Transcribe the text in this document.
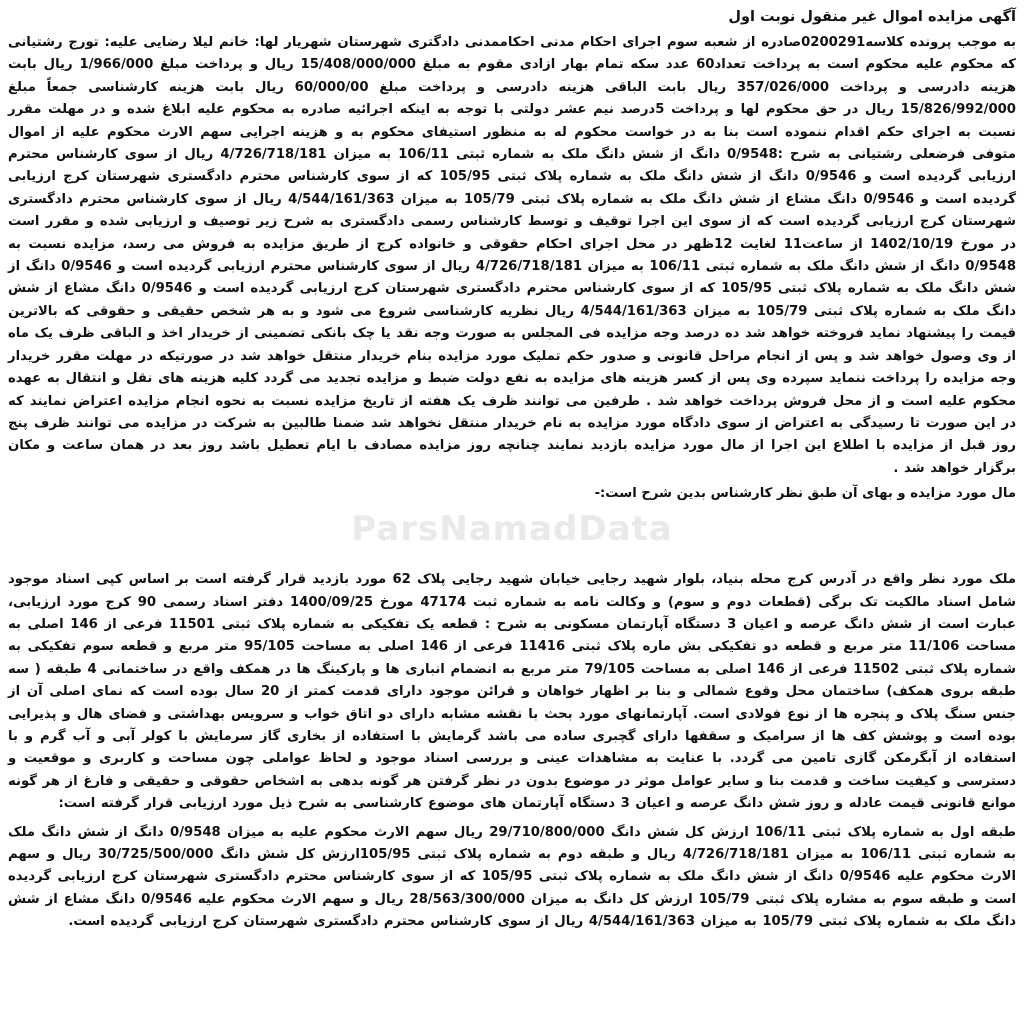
آگهی مزایده اموال غیر منقول نوبت اول

به موجب پرونده کلاسه0200291صادره از شعبه سوم اجرای احکام مدنی احکاممدنی دادگتری شهرستان شهریار لها: خانم لیلا رضایی علیه: تورج رشتیانی که محکوم علیه محکوم است به پرداخت تعداد60 عدد سکه تمام بهار ازادی مقوم به مبلغ 15/408/000/000 ریال و پرداخت مبلغ 1/966/000 ریال بابت هزینه دادرسی و پرداخت 357/026/000 ریال بابت الباقی هزینه دادرسی و پرداخت مبلغ 60/000/00 ریال بابت هزینه کارشناسی جمعاً مبلغ 15/826/992/000 ریال در حق محکوم لها و پرداخت 5درصد نیم عشر دولتی با توجه به اینکه اجرائیه صادره به محکوم علیه ابلاغ شده و در مهلت مقرر نسبت به اجرای حکم اقدام ننموده است بنا به در خواست محکوم له به منظور استیفای محکوم به و هزینه اجرایی سهم الارث محکوم علیه از اموال متوفی فرضعلی رشتیانی به شرح :0/9548 دانگ از شش دانگ ملک به شماره ثبتی 106/11 به میزان 4/726/718/181 ریال از سوی کارشناس محترم ارزیابی گردیده است و 0/9546 دانگ از شش دانگ ملک به شماره پلاک ثبتی 105/95 که از سوی کارشناس محترم دادگستری شهرستان کرج ارزیابی گردیده است و 0/9546 دانگ مشاع از شش دانگ ملک به شماره پلاک ثبتی 105/79 به میزان 4/544/161/363 ریال از سوی کارشناس محترم دادگستری شهرستان کرج ارزیابی گردیده است که از سوی این اجرا توقیف و توسط کارشناس رسمی دادگستری به شرح زیر توصیف و ارزیابی شده و مقرر است در مورخ 1402/10/19 از ساعت11 لغایت 12ظهر در محل اجرای احکام حقوقی و خانواده کرج از طریق مزایده به فروش می رسد، مزایده نسبت به 0/9548 دانگ از شش دانگ ملک به شماره ثبتی 106/11 به میزان 4/726/718/181 ریال از سوی کارشناس محترم ارزیابی گردیده است و 0/9546 دانگ از شش دانگ ملک به شماره پلاک ثبتی 105/95 که از سوی کارشناس محترم دادگستری شهرستان کرج ارزیابی گردیده است و 0/9546 دانگ مشاع از شش دانگ ملک به شماره پلاک ثبتی 105/79 به میزان 4/544/161/363 ریال نظریه کارشناسی شروع می شود و به هر شخص حقیقی و حقوقی که بالاترین قیمت را پیشنهاد نماید فروخته خواهد شد ده درصد وجه مزایده فی المجلس به صورت وجه نقد یا چک بانکی تضمینی از خریدار اخذ و الباقی ظرف یک ماه از وی وصول خواهد شد و پس از انجام مراحل قانونی و صدور حکم تملیک مورد مزایده بنام خریدار منتقل خواهد شد در صورتیکه در مهلت مقرر خریدار وجه مزایده را پرداخت ننماید سپرده وی پس از کسر هزینه های مزایده به نفع دولت ضبط و مزایده تجدید می گردد کلیه هزینه های نقل و انتقال به عهده محکوم علیه است و از محل فروش پرداخت خواهد شد . طرفین می توانند ظرف یک هفته از تاریخ مزایده نسبت به نحوه انجام مزایده اعتراض نمایند که در این صورت تا رسیدگی به اعتراض از سوی دادگاه مورد مزایده به نام خریدار منتقل نخواهد شد ضمنا طالبین به شرکت در مزایده می توانند ظرف پنج روز قبل از مزایده با اطلاع این اجرا از مال مورد مزایده بازدید نمایند چنانچه روز مزایده مصادف با ایام تعطیل باشد روز بعد در همان ساعت و مکان برگزار خواهد شد .

مال مورد مزایده و بهای آن طبق نظر کارشناس بدین شرح است:-
ParsNamadData

ملک مورد نظر واقع در آدرس کرج محله بنیاد، بلوار شهید رجایی خیابان شهید رجایی پلاک 62 مورد بازدید قرار گرفته است بر اساس کپی اسناد موجود شامل اسناد مالکیت تک برگی (قطعات دوم و سوم) و وکالت نامه به شماره ثبت 47174 مورخ 1400/09/25 دفتر اسناد رسمی 90 کرج مورد ارزیابی، عبارت است از شش دانگ عرصه و اعیان 3 دستگاه آپارتمان مسکونی به شرح : قطعه یک تفکیکی به شماره پلاک ثبتی 11501 فرعی از 146 اصلی به مساحت 11/106 متر مربع و قطعه دو تفکیکی بش ماره پلاک ثبتی 11416 فرعی از 146 اصلی به مساحت 95/105 متر مربع و قطعه سوم تفکیکی به شماره پلاک ثبتی 11502 فرعی از 146 اصلی به مساحت 79/105 متر مربع به انضمام انباری ها و پارکینگ ها در همکف واقع در ساختمانی 4 طبقه ( سه طبقه بروی همکف) ساختمان محل وقوع شمالی و بنا بر اظهار خواهان و قرائن موجود دارای قدمت کمتر از 20 سال بوده است که نمای اصلی آن از جنس سنگ پلاک و پنجره ها از نوع فولادی است. آپارتمانهای مورد بحث با نقشه مشابه دارای دو اتاق خواب و سرویس بهداشتی و فضای هال و پذیرایی بوده است و پوشش کف ها از سرامیک و سقفها دارای گچبری ساده می باشد گرمایش با استفاده از بخاری گاز سرمایش با کولر آبی و آب گرم و با استفاده از آبگرمکن گازی تامین می گردد. با عنایت به مشاهدات عینی و بررسی اسناد موجود و لحاظ عواملی چون مساحت و کاربری و موقعیت و دسترسی و کیفیت ساخت و قدمت بنا و سایر عوامل موثر در موضوع بدون در نظر گرفتن هر گونه بدهی به اشخاص حقوقی و حقیقی و فارغ از هر گونه موانع قانونی قیمت عادله و روز شش دانگ عرصه و اعیان 3 دستگاه آپارتمان های موضوع کارشناسی به شرح ذیل مورد ارزیابی قرار گرفته است:

طبقه اول به شماره پلاک ثبتی 106/11 ارزش کل شش دانگ 29/710/800/000 ریال سهم الارث محکوم علیه به میزان 0/9548 دانگ از شش دانگ ملک به شماره ثبتی 106/11 به میزان 4/726/718/181 ریال و طبقه دوم به شماره پلاک ثبتی 105/95ارزش کل شش دانگ 30/725/500/000 ریال و سهم الارث محکوم علیه 0/9546 دانگ از شش دانگ ملک به شماره پلاک ثبتی 105/95 که از سوی کارشناس محترم دادگستری شهرستان کرج ارزیابی گردیده است و طبقه سوم به مشاره پلاک ثبتی 105/79 ارزش کل دانگ به میزان 28/563/300/000 ریال و سهم الارث محکوم علیه 0/9546 دانگ مشاع از شش دانگ ملک به شماره پلاک ثبتی 105/79 به میزان 4/544/161/363 ریال از سوی کارشناس محترم دادگستری شهرستان کرج ارزیابی گردیده است.
